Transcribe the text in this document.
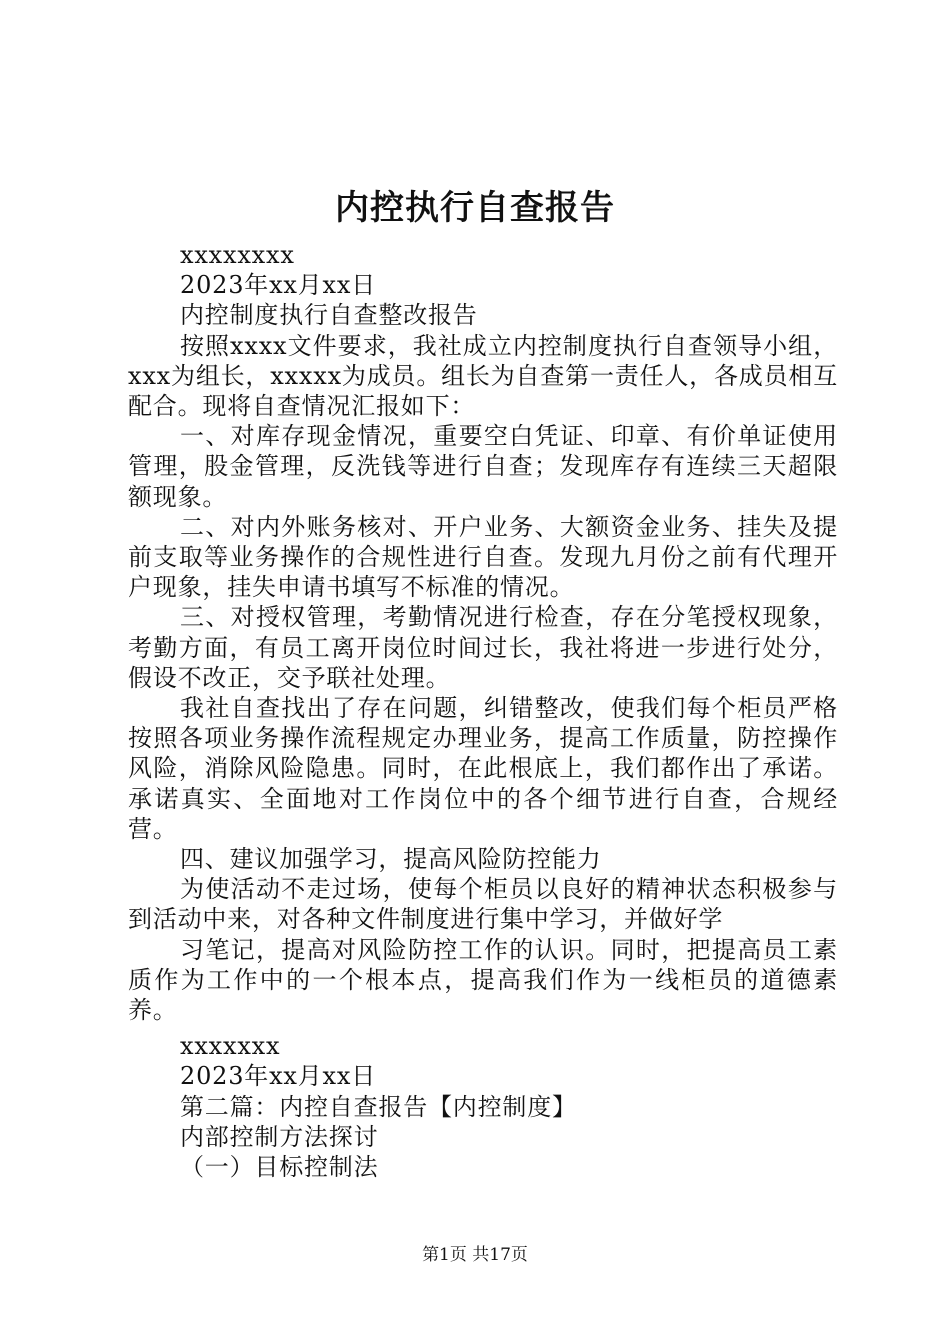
内控执行自查报告

xxxxxxxx

2023年xx月xx日

内控制度执行自查整改报告

按照xxxx文件要求，我社成立内控制度执行自查领导小组，xxx为组长，xxxxx为成员。组长为自查第一责任人，各成员相互配合。现将自查情况汇报如下：

一、对库存现金情况，重要空白凭证、印章、有价单证使用管理，股金管理，反洗钱等进行自查；发现库存有连续三天超限额现象。

二、对内外账务核对、开户业务、大额资金业务、挂失及提前支取等业务操作的合规性进行自查。发现九月份之前有代理开户现象，挂失申请书填写不标准的情况。

三、对授权管理，考勤情况进行检查，存在分笔授权现象，考勤方面，有员工离开岗位时间过长，我社将进一步进行处分，假设不改正，交予联社处理。

我社自查找出了存在问题，纠错整改，使我们每个柜员严格按照各项业务操作流程规定办理业务，提高工作质量，防控操作风险，消除风险隐患。同时，在此根底上，我们都作出了承诺。承诺真实、全面地对工作岗位中的各个细节进行自查，合规经营。

四、建议加强学习，提高风险防控能力

为使活动不走过场，使每个柜员以良好的精神状态积极参与到活动中来，对各种文件制度进行集中学习，并做好学

习笔记，提高对风险防控工作的认识。同时，把提高员工素质作为工作中的一个根本点，提高我们作为一线柜员的道德素养。

xxxxxxx

2023年xx月xx日

第二篇：内控自查报告【内控制度】

内部控制方法探讨

（一）目标控制法

第1页 共17页
